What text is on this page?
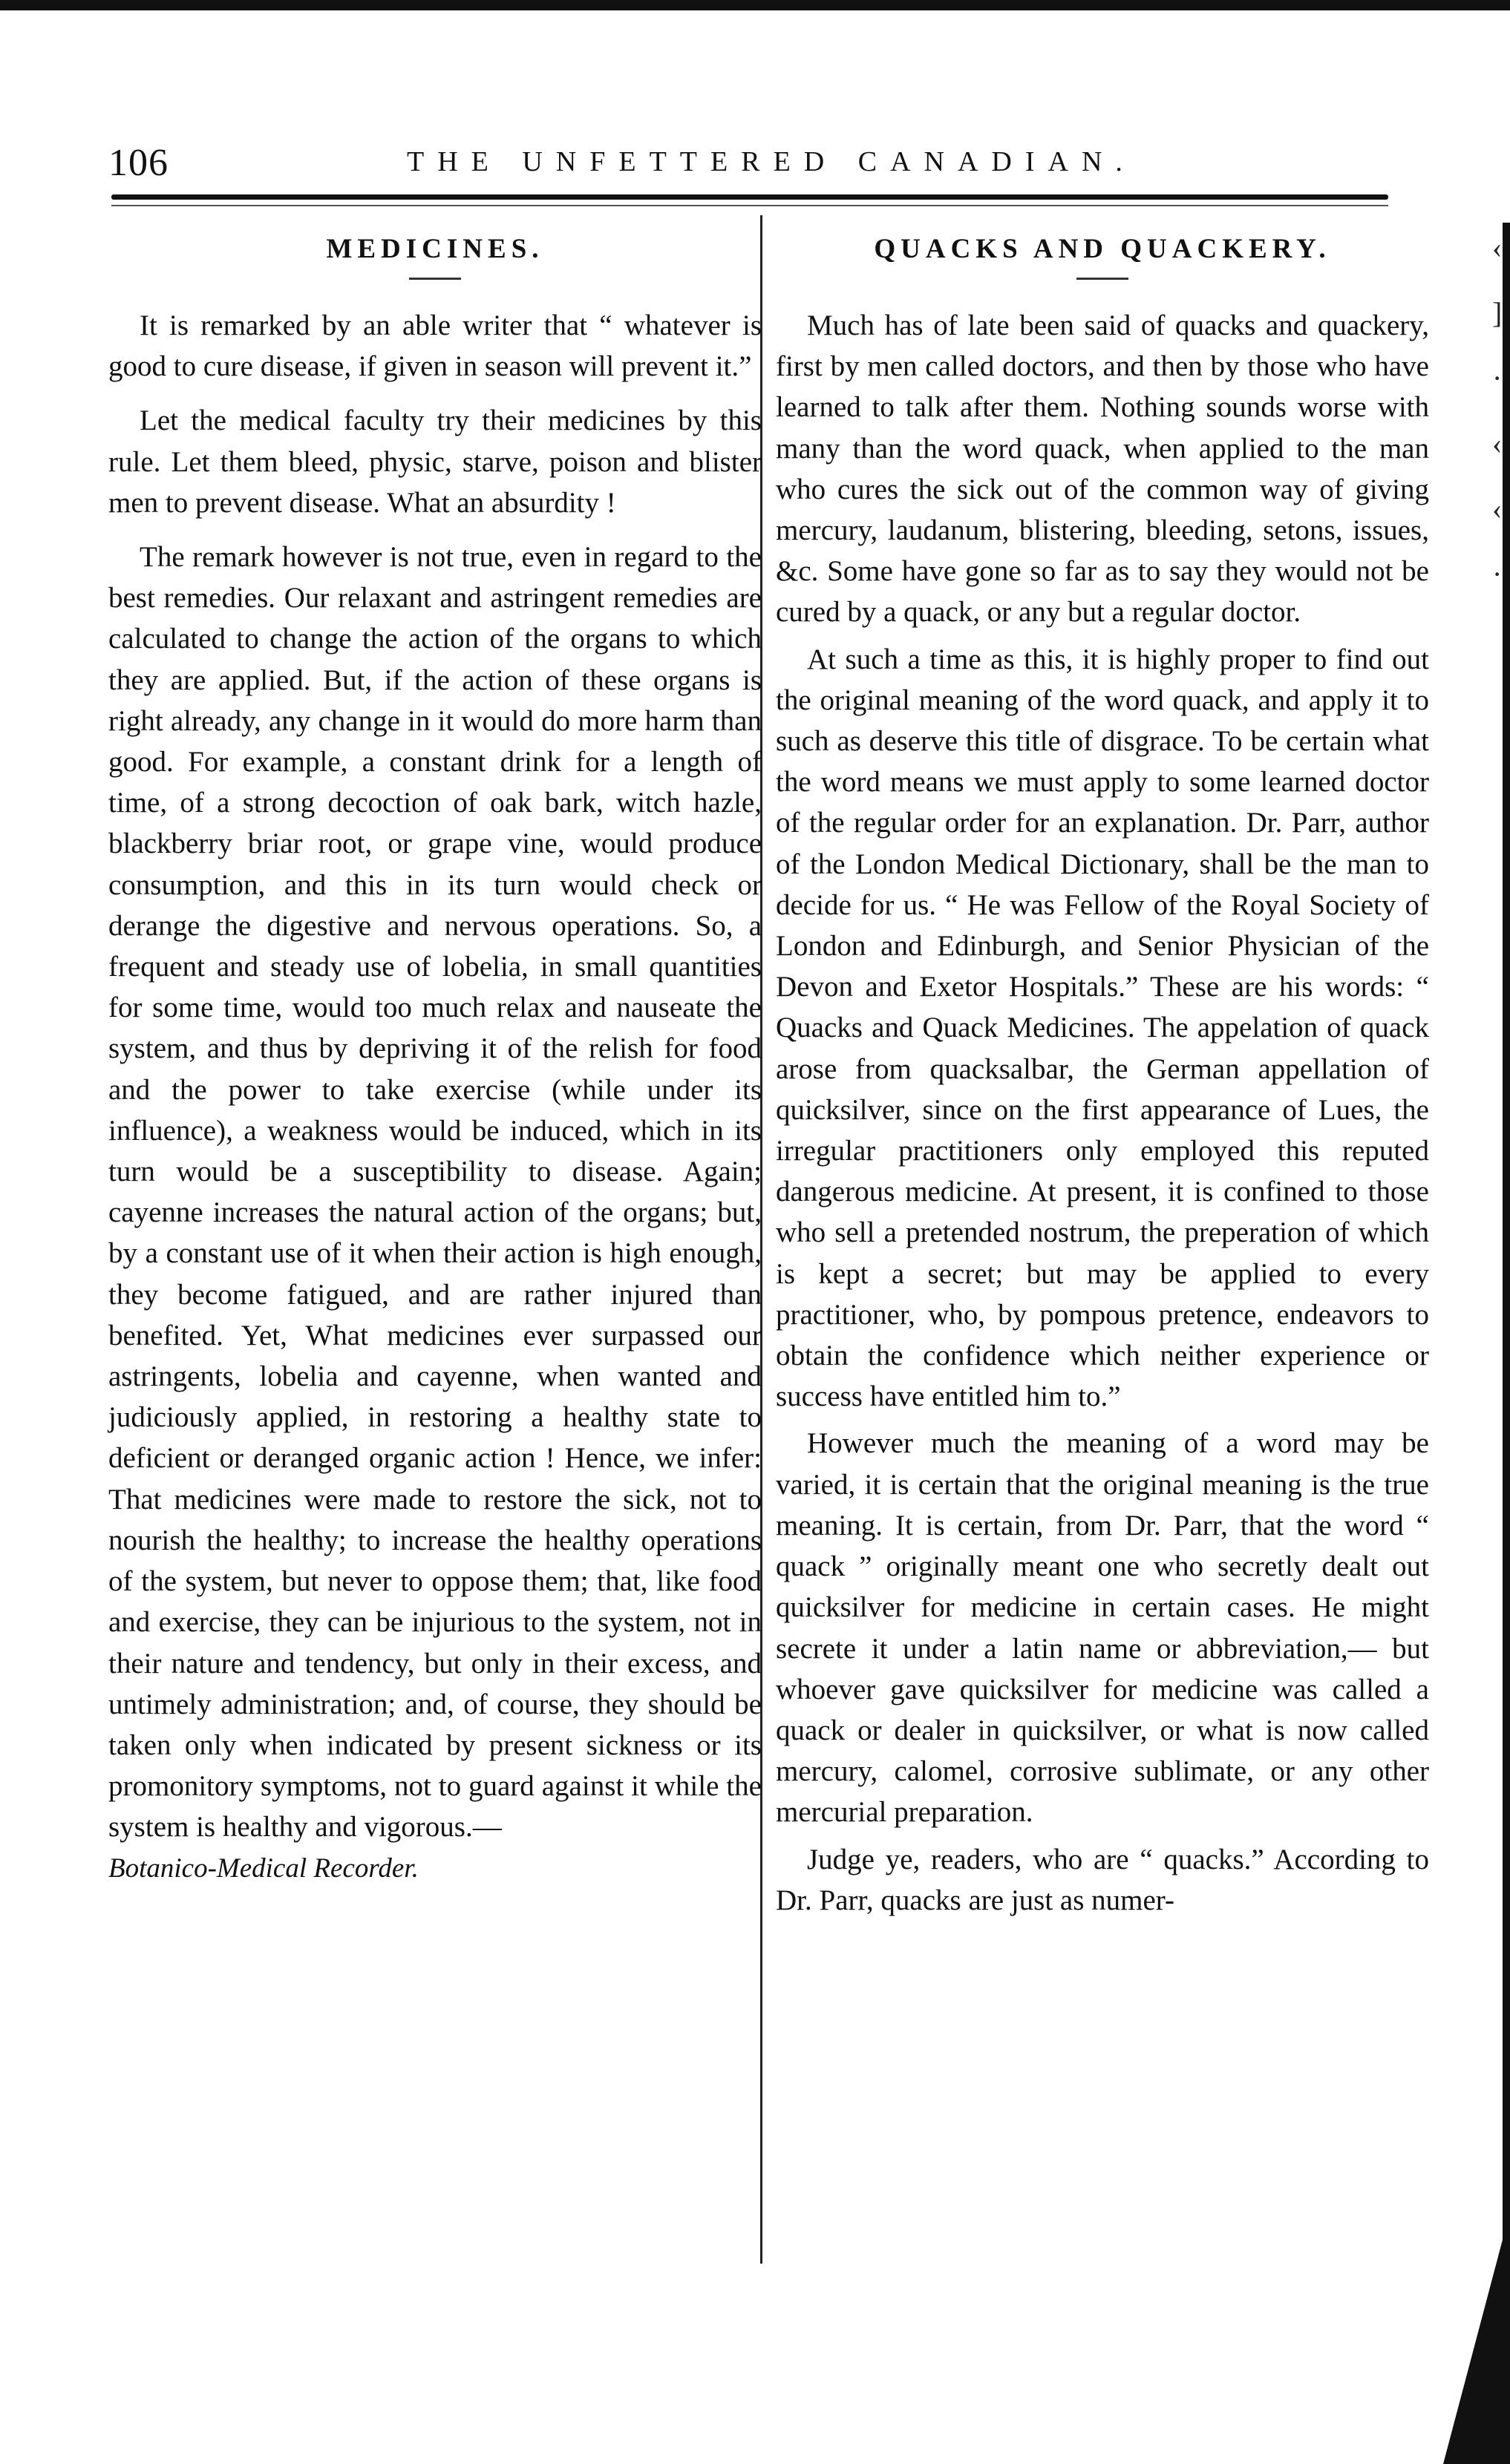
‹
]
·
‹
‹
·
106	THE UNFETTERED CANADIAN.
MEDICINES.

It is remarked by an able writer that “ whatever is good to cure disease, if given in season will prevent it.”

Let the medical faculty try their medicines by this rule. Let them bleed, physic, starve, poison and blister men to prevent disease. What an absurdity !

The remark however is not true, even in regard to the best remedies. Our relaxant and astringent remedies are calculated to change the action of the organs to which they are applied. But, if the action of these organs is right already, any change in it would do more harm than good. For example, a constant drink for a length of time, of a strong decoction of oak bark, witch hazle, blackberry briar root, or grape vine, would produce consumption, and this in its turn would check or derange the digestive and nervous operations. So, a frequent and steady use of lobelia, in small quantities for some time, would too much relax and nauseate the system, and thus by depriving it of the relish for food and the power to take exercise (while under its influence), a weakness would be induced, which in its turn would be a susceptibility to disease. Again; cayenne increases the natural action of the organs; but, by a constant use of it when their action is high enough, they become fatigued, and are rather injured than benefited. Yet, What medicines ever surpassed our astringents, lobelia and cayenne, when wanted and judiciously applied, in restoring a healthy state to deficient or deranged organic action ! Hence, we infer: That medicines were made to restore the sick, not to nourish the healthy; to increase the healthy operations of the system, but never to oppose them; that, like food and exercise, they can be injurious to the system, not in their nature and tendency, but only in their excess, and untimely administration; and, of course, they should be taken only when indicated by present sickness or its promonitory symptoms, not to guard against it while the system is healthy and vigorous.—

Botanico-Medical Recorder.
QUACKS AND QUACKERY.

Much has of late been said of quacks and quackery, first by men called doctors, and then by those who have learned to talk after them. Nothing sounds worse with many than the word quack, when applied to the man who cures the sick out of the common way of giving mercury, laudanum, blistering, bleeding, setons, issues, &c. Some have gone so far as to say they would not be cured by a quack, or any but a regular doctor.

At such a time as this, it is highly proper to find out the original meaning of the word quack, and apply it to such as deserve this title of disgrace. To be certain what the word means we must apply to some learned doctor of the regular order for an explanation. Dr. Parr, author of the London Medical Dictionary, shall be the man to decide for us. “ He was Fellow of the Royal Society of London and Edinburgh, and Senior Physician of the Devon and Exetor Hospitals.” These are his words: “ Quacks and Quack Medicines. The appelation of quack arose from quacksalbar, the German appellation of quicksilver, since on the first appearance of Lues, the irregular practitioners only employed this reputed dangerous medicine. At present, it is confined to those who sell a pretended nostrum, the preperation of which is kept a secret; but may be applied to every practitioner, who, by pompous pretence, endeavors to obtain the confidence which neither experience or success have entitled him to.”

However much the meaning of a word may be varied, it is certain that the original meaning is the true meaning. It is certain, from Dr. Parr, that the word “ quack ” originally meant one who secretly dealt out quicksilver for medicine in certain cases. He might secrete it under a latin name or abbreviation,— but whoever gave quicksilver for medicine was called a quack or dealer in quicksilver, or what is now called mercury, calomel, corrosive sublimate, or any other mercurial preparation.

Judge ye, readers, who are “ quacks.” According to Dr. Parr, quacks are just as numer-
